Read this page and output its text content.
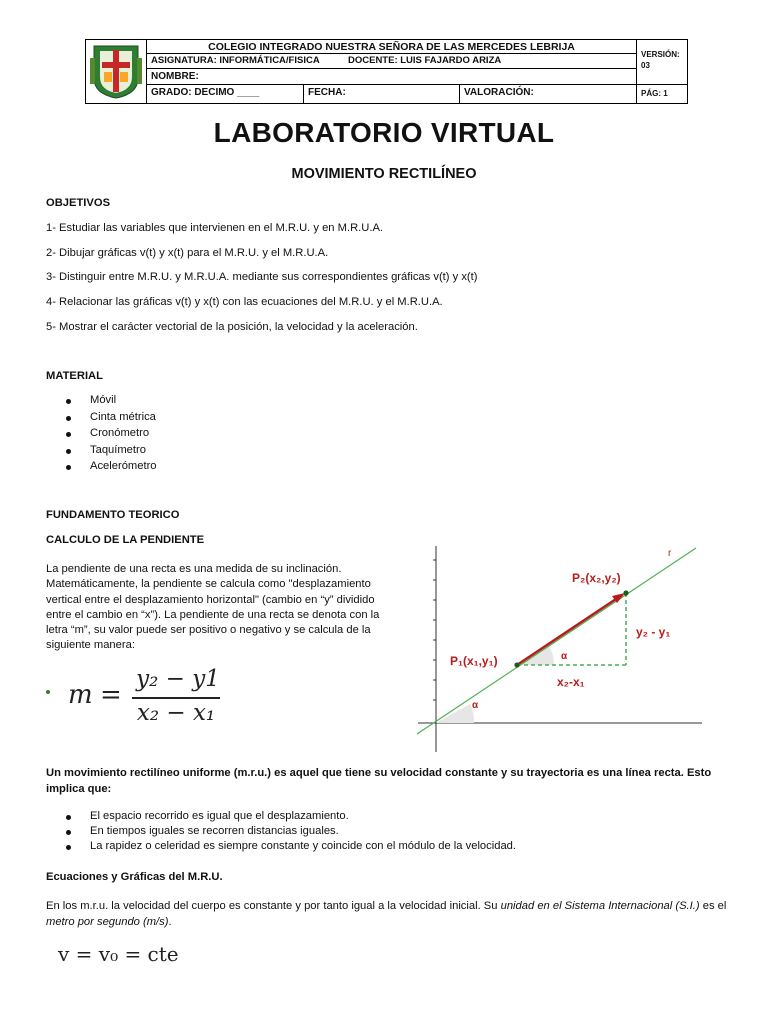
COLEGIO INTEGRADO NUESTRA SEÑORA DE LAS MERCEDES LEBRIJA
ASIGNATURA: INFORMÁTICA/FISICA	DOCENTE: LUIS FAJARDO ARIZA
NOMBRE:
GRADO: DECIMO ____	FECHA:	VALORACIÓN:
VERSIÓN:
03
PÁG: 1
LABORATORIO VIRTUAL
MOVIMIENTO RECTILÍNEO
OBJETIVOS
1- Estudiar las variables que intervienen en el M.R.U. y en M.R.U.A.
2- Dibujar gráficas v(t) y x(t) para el M.R.U. y el M.R.U.A.
3- Distinguir entre M.R.U. y M.R.U.A. mediante sus correspondientes gráficas v(t) y x(t)
4- Relacionar las gráficas v(t) y x(t) con las ecuaciones del M.R.U. y el M.R.U.A.
5- Mostrar el carácter vectorial de la posición, la velocidad y la aceleración.
MATERIAL
Móvil
Cinta métrica
Cronómetro
Taquímetro
Acelerómetro
FUNDAMENTO TEORICO
CALCULO DE LA PENDIENTE
La pendiente de una recta es una medida de su inclinación. Matemáticamente, la pendiente se calcula como "desplazamiento vertical entre el desplazamiento horizontal" (cambio en “y” dividido entre el cambio en “x”). La pendiente de una recta se denota con la letra “m”, su valor puede ser positivo o negativo y se calcula de la siguiente manera:
m =
y₂ − y1
x₂ − x₁
r
P₂(x₂,y₂)
P₁(x₁,y₁)
y₂ - y₁
x₂-x₁
α
α
Un movimiento rectilíneo uniforme (m.r.u.) es aquel que tiene su velocidad constante y su trayectoria es una línea recta. Esto implica que:
El espacio recorrido es igual que el desplazamiento.
En tiempos iguales se recorren distancias iguales.
La rapidez o celeridad es siempre constante y coincide con el módulo de la velocidad.
Ecuaciones y Gráficas del M.R.U.
En los m.r.u. la velocidad del cuerpo es constante y por tanto igual a la velocidad inicial. Su unidad en el Sistema Internacional (S.I.) es el metro por segundo (m/s).
v = v₀ = cte
